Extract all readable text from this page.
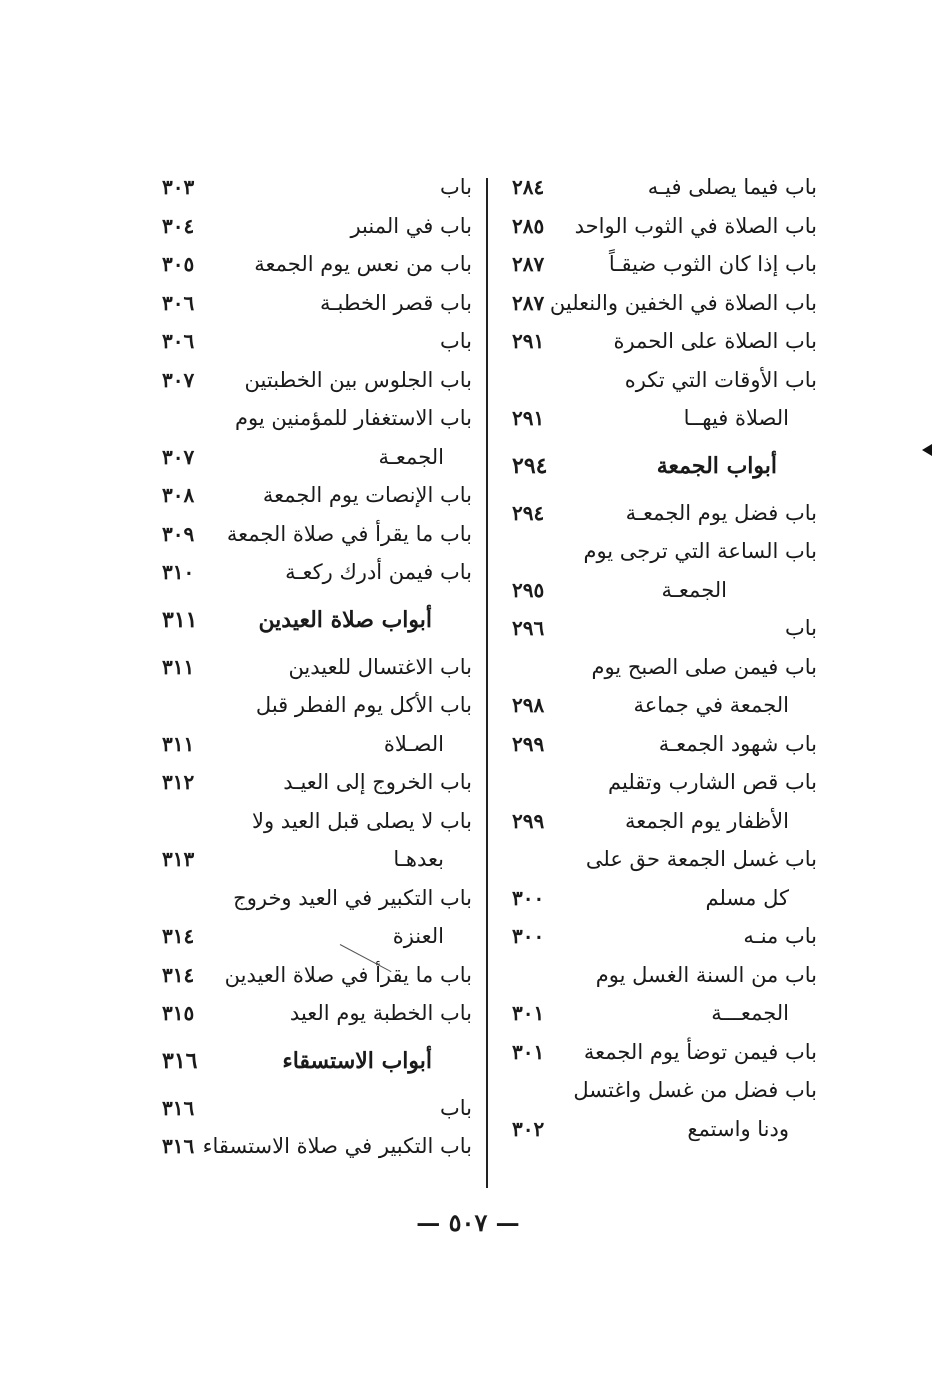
باب فيما يصلى فيـه
٢٨٤
باب الصلاة في الثوب الواحد
٢٨٥
باب إذا كان الثوب ضيقـاً
٢٨٧
باب الصلاة في الخفين والنعلين
٢٨٧
باب الصلاة على الحمرة
٢٩١
باب الأوقات التي تكره
الصلاة فيهــا
٢٩١
أبواب الجمعة
٢٩٤
باب فضل يوم الجمعـة
٢٩٤
باب الساعة التي ترجى يوم
الجمعـة
٢٩٥
باب
٢٩٦
باب فيمن صلى الصبح يوم
الجمعة في جماعة
٢٩٨
باب شهود الجمعـة
٢٩٩
باب قص الشارب وتقليم
الأظفار يوم الجمعة
٢٩٩
باب غسل الجمعة حق على
كل مسلم
٣٠٠
باب منـه
٣٠٠
باب من السنة الغسل يوم
الجمعـــة
٣٠١
باب فيمن توضأ يوم الجمعة
٣٠١
باب فضل من غسل واغتسل
ودنا واستمع
٣٠٢
باب
٣٠٣
باب في المنبر
٣٠٤
باب من نعس يوم الجمعة
٣٠٥
باب قصر الخطبـة
٣٠٦
باب
٣٠٦
باب الجلوس بين الخطبتين
٣٠٧
باب الاستغفار للمؤمنين يوم
الجمعـة
٣٠٧
باب الإنصات يوم الجمعة
٣٠٨
باب ما يقرأ في صلاة الجمعة
٣٠٩
باب فيمن أدرك ركعـة
٣١٠
أبواب صلاة العيدين
٣١١
باب الاغتسال للعيدين
٣١١
باب الأكل يوم الفطر قبل
الصـلاة
٣١١
باب الخروج إلى العيـد
٣١٢
باب لا يصلى قبل العيد ولا
بعدهـا
٣١٣
باب التكبير في العيد وخروج
العنزة
٣١٤
باب ما يقرأ في صلاة العيدين
٣١٤
باب الخطبة يوم العيد
٣١٥
أبواب الاستسقاء
٣١٦
باب
٣١٦
باب التكبير في صلاة الاستسقاء
٣١٦
— ٥٠٧ —
